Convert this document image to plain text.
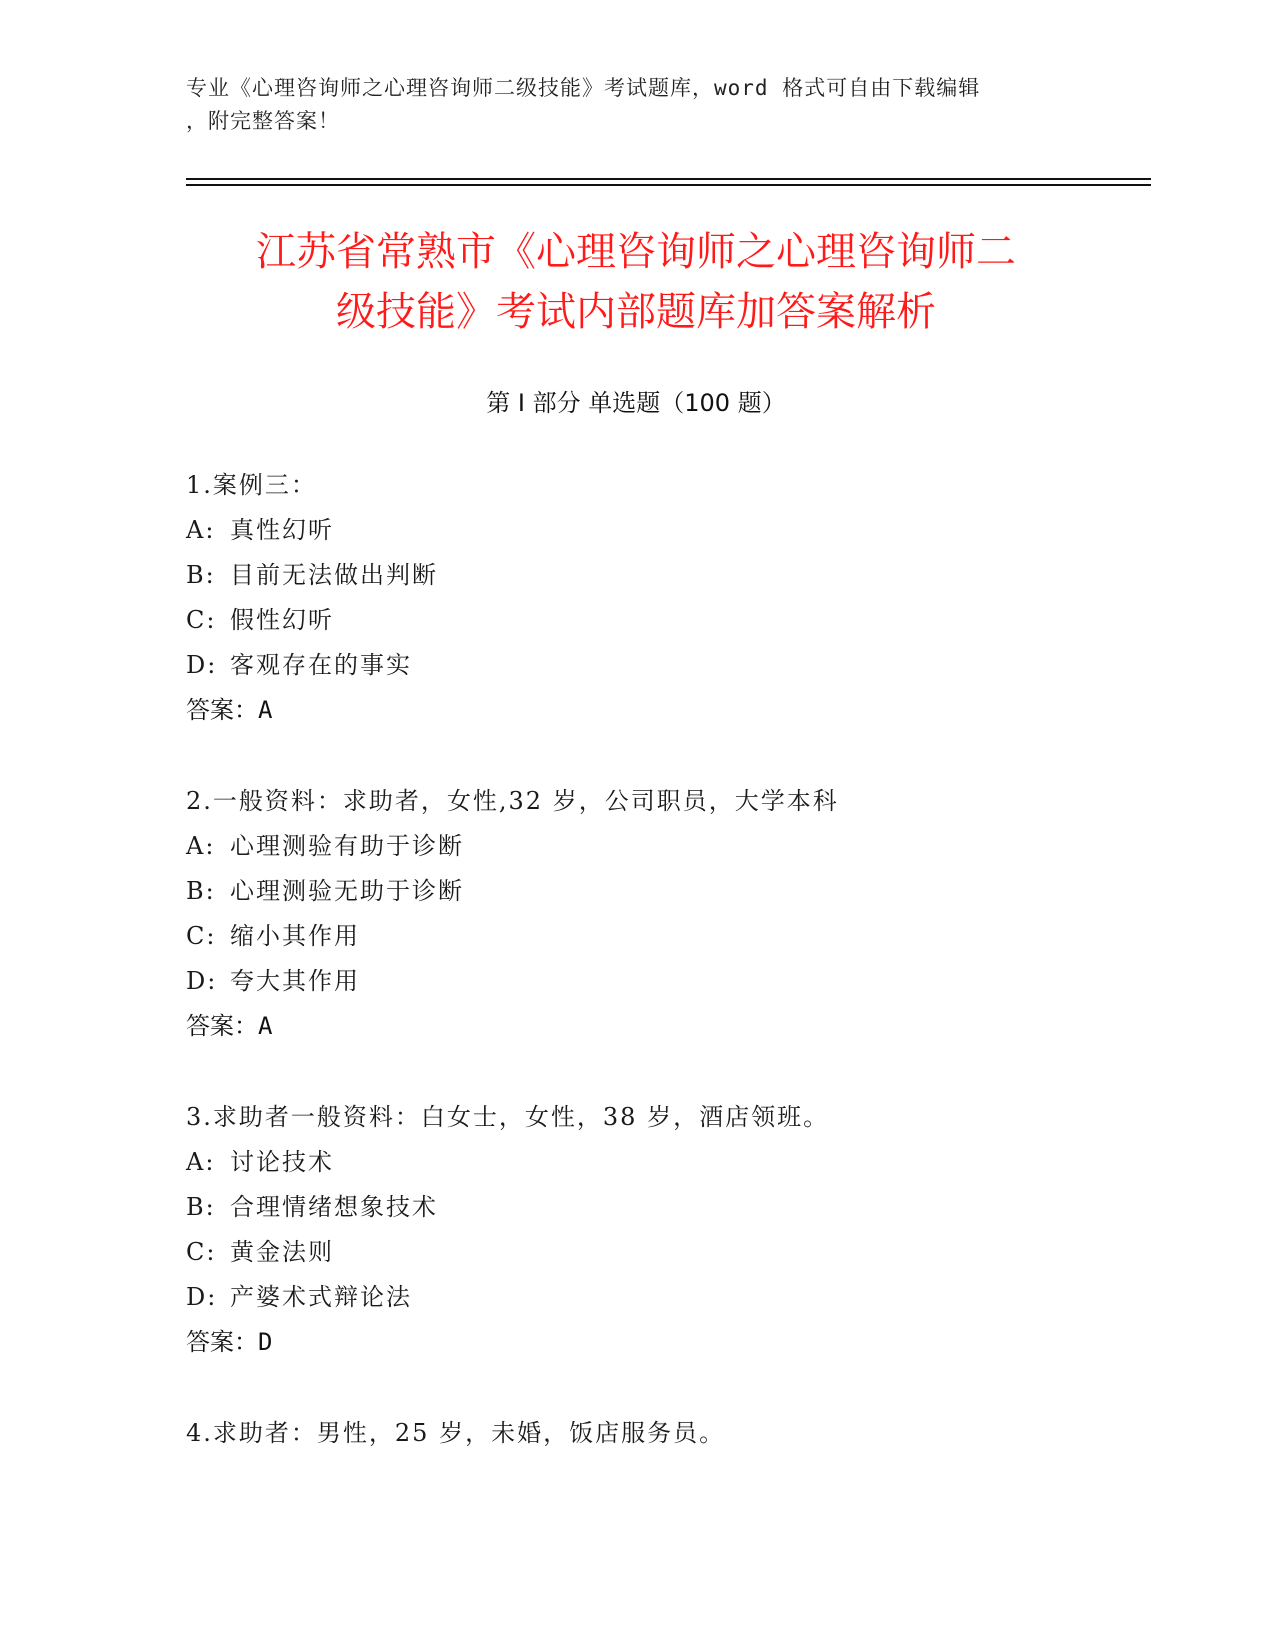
专业《心理咨询师之心理咨询师二级技能》考试题库，word 格式可自由下载编辑
，附完整答案！
江苏省常熟市《心理咨询师之心理咨询师二
级技能》考试内部题库加答案解析
第 I 部分 单选题（100 题）
1.案例三：
A: 真性幻听
B: 目前无法做出判断
C: 假性幻听
D: 客观存在的事实
答案：A
2.一般资料：求助者，女性,32 岁，公司职员，大学本科
A: 心理测验有助于诊断
B: 心理测验无助于诊断
C: 缩小其作用
D: 夸大其作用
答案：A
3.求助者一般资料：白女士，女性，38 岁，酒店领班。
A: 讨论技术
B: 合理情绪想象技术
C: 黄金法则
D: 产婆术式辩论法
答案：D
4.求助者：男性，25 岁，未婚，饭店服务员。
